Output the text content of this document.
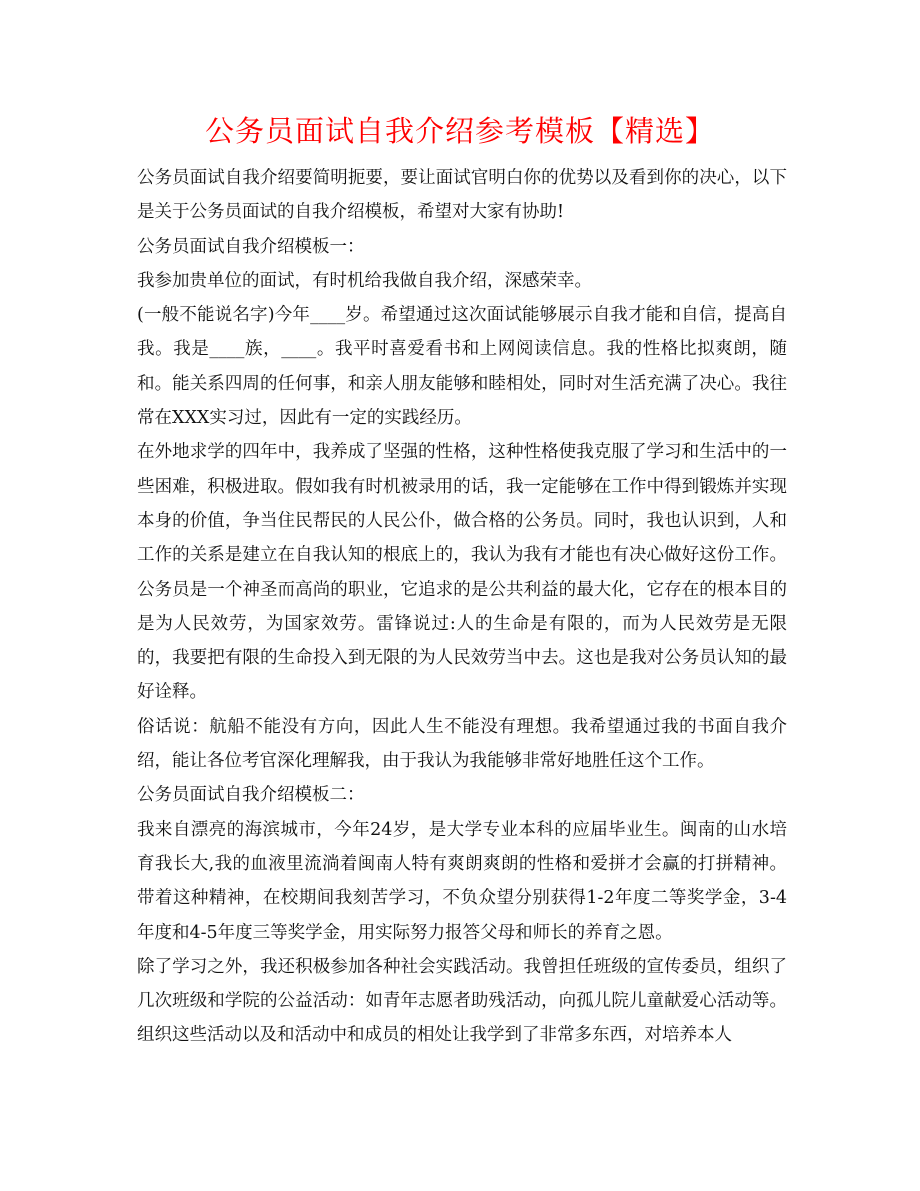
公务员面试自我介绍参考模板【精选】

公务员面试自我介绍要简明扼要，要让面试官明白你的优势以及看到你的决心，以下是关于公务员面试的自我介绍模板，希望对大家有协助!

公务员面试自我介绍模板一：

我参加贵单位的面试，有时机给我做自我介绍，深感荣幸。

(一般不能说名字)今年____岁。希望通过这次面试能够展示自我才能和自信，提高自我。我是____族，____。我平时喜爱看书和上网阅读信息。我的性格比拟爽朗，随和。能关系四周的任何事，和亲人朋友能够和睦相处，同时对生活充满了决心。我往常在XXX实习过，因此有一定的实践经历。

在外地求学的四年中，我养成了坚强的性格，这种性格使我克服了学习和生活中的一些困难，积极进取。假如我有时机被录用的话，我一定能够在工作中得到锻炼并实现本身的价值，争当住民帮民的人民公仆，做合格的公务员。同时，我也认识到，人和工作的关系是建立在自我认知的根底上的，我认为我有才能也有决心做好这份工作。公务员是一个神圣而高尚的职业，它追求的是公共利益的最大化，它存在的根本目的是为人民效劳，为国家效劳。雷锋说过:人的生命是有限的，而为人民效劳是无限的，我要把有限的生命投入到无限的为人民效劳当中去。这也是我对公务员认知的最好诠释。

俗话说：航船不能没有方向，因此人生不能没有理想。我希望通过我的书面自我介绍，能让各位考官深化理解我，由于我认为我能够非常好地胜任这个工作。

公务员面试自我介绍模板二：

我来自漂亮的海滨城市，今年24岁，是大学专业本科的应届毕业生。闽南的山水培育我长大,我的血液里流淌着闽南人特有爽朗爽朗的性格和爱拼才会赢的打拼精神。带着这种精神，在校期间我刻苦学习，不负众望分别获得1-2年度二等奖学金，3-4年度和4-5年度三等奖学金，用实际努力报答父母和师长的养育之恩。

除了学习之外，我还积极参加各种社会实践活动。我曾担任班级的宣传委员，组织了几次班级和学院的公益活动：如青年志愿者助残活动，向孤儿院儿童献爱心活动等。组织这些活动以及和活动中和成员的相处让我学到了非常多东西，对培养本人
